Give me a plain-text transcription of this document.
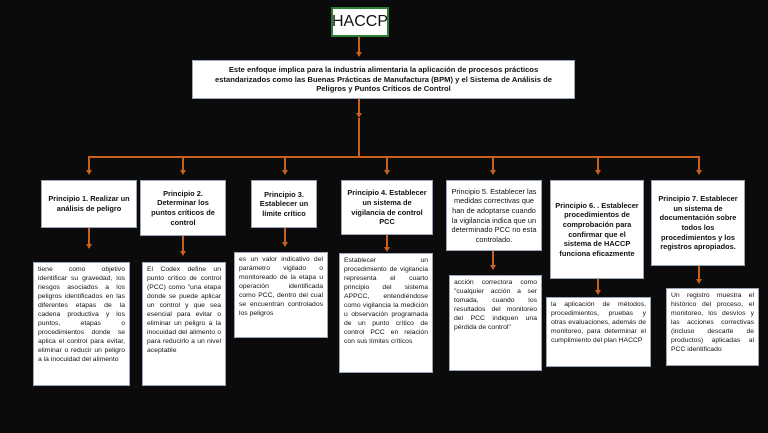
HACCP
Este enfoque implica para la industria alimentaria la aplicación de procesos prácticos estandarizados como las Buenas Prácticas de Manufactura (BPM) y el Sistema de Análisis de Peligros y Puntos Críticos de Control
Principio 1. Realizar un análisis de peligro
Principio 2. Determinar los puntos críticos de control
Principio 3. Establecer un límite crítico
Principio 4. Establecer un sistema de vigilancia de control PCC
Principio 5. Establecer las medidas correctivas que han de adoptarse cuando la vigilancia indica que un determinado PCC no esta controlado.
Principio 6. . Establecer procedimientos de comprobación para confirmar que el sistema de HACCP funciona eficazmente
Principio 7. Establecer un sistema de documentación sobre todos los procedimientos y los registros apropiados.
tiene como objetivo identificar su gravedad, los riesgos asociados a los peligros identificados en las diferentes etapas de la cadena productiva y los puntos, etapas o procedimientos donde se aplica el control para evitar, eliminar o reducir un peligro a la inocuidad del alimento
El Codex define un punto crítico de control (PCC) como "una etapa donde se puede aplicar un control y que sea esencial para evitar o eliminar un peligro a la inocuidad del alimento o para reducirlo a un nivel aceptable
es un valor indicativo del parámetro vigilado o monitoreado de la etapa u operación identificada como PCC, dentro del cual se encuentran controlados los peligros
Establecer un procedimiento de vigilancia representa el cuarto principio del sistema APPCC, entendiéndose como vigilancia la medición u observación programada de un punto crítico de control PCC en relación con sus límites críticos
acción correctora como "cualquier acción a ser tomada, cuando los resultados del monitoreo del PCC indiquen una pérdida de control"
la aplicación de métodos, procedimientos, pruebas y otras evaluaciones, además de monitoreo, para determinar el cumplimiento del plan HACCP
Un registro muestra el histórico del proceso, el monitoreo, los desvíos y las acciones correctivas (incluso descarte de productos) aplicadas al PCC identificado
